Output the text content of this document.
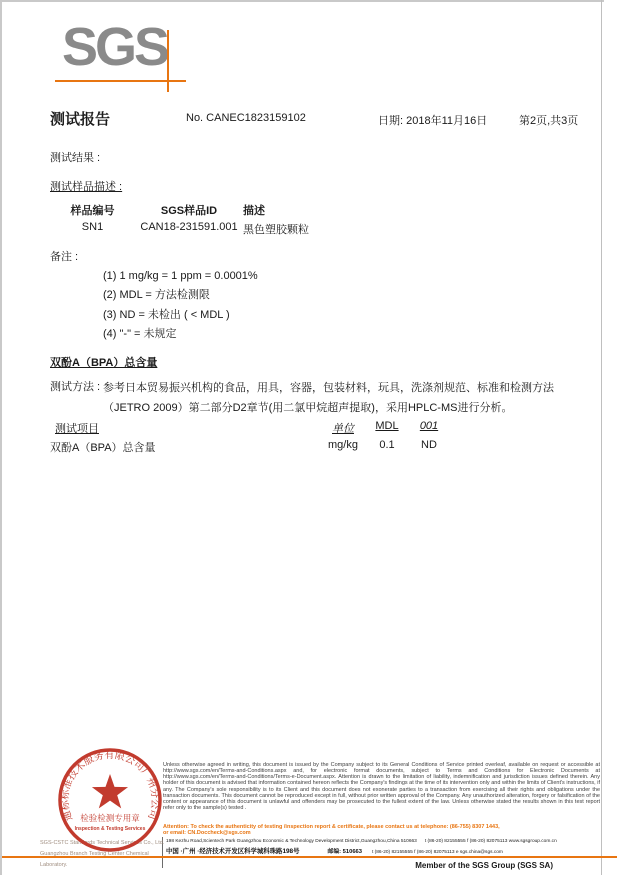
SGS
测试报告	No. CANEC1823159102	日期: 2018年11月16日	第2页,共3页
测试结果 :
测试样品描述 :
样品编号	SGS样品ID	描述
SN1	CAN18-231591.001 黑色塑胶颗粒
备注 :
(1) 1 mg/kg = 1 ppm = 0.0001%
(2) MDL = 方法检测限
(3) ND = 未检出 ( < MDL )
(4) "-" = 未规定
双酚A（BPA）总含量
测试方法 : 参考日本贸易振兴机构的食品，用具，容器，包装材料，玩具，洗涤剂规范、标准和检测方法（JETRO 2009）第二部分D2章节(用二氯甲烷超声提取)，采用HPLC-MS进行分析。
测试项目	单位	MDL	001
双酚A（BPA）总含量	mg/kg	0.1	ND
SGS-CSTC Standards Technical Services Co., Ltd.
Guangzhou Branch Testing Center Chemical Laboratory.
通标标准技术服务有限公司广州分公司
检验检测专用章
Inspection & Testing Services
Unless otherwise agreed in writing, this document is issued by the Company subject to its General Conditions of Service printed overleaf, available on request or accessible at http://www.sgs.com/en/Terms-and-Conditions.aspx and, for electronic format documents, subject to Terms and Conditions for Electronic Documents at http://www.sgs.com/en/Terms-and-Conditions/Terms-e-Document.aspx. Attention is drawn to the limitation of liability, indemnification and jurisdiction issues defined therein. Any holder of this document is advised that information contained hereon reflects the Company's findings at the time of its intervention only and within the limits of Client's instructions, if any. The Company's sole responsibility is to its Client and this document does not exonerate parties to a transaction from exercising all their rights and obligations under the transaction documents. This document cannot be reproduced except in full, without prior written approval of the Company. Any unauthorized alteration, forgery or falsification of the content or appearance of this document is unlawful and offenders may be prosecuted to the fullest extent of the law. Unless otherwise stated the results shown in this test report refer only to the sample(s) tested .
Attention: To check the authenticity of testing /inspection report & certificate, please contact us at telephone: (86-755) 8307 1443,
or email: CN.Doccheck@sgs.com
198 Kezhu Road,Scientech Park Guangzhou Economic & Technology Development District,Guangzhou,China 510663 t (86-20) 82155555 f (86-20) 82075113 www.sgsgroup.com.cn
中国 ·广州 ·经济技术开发区科学城科珠路198号	邮编: 510663 t (86-20) 82155555 f (86-20) 82075113 e sgs.china@sgs.com
Member of the SGS Group (SGS SA)
